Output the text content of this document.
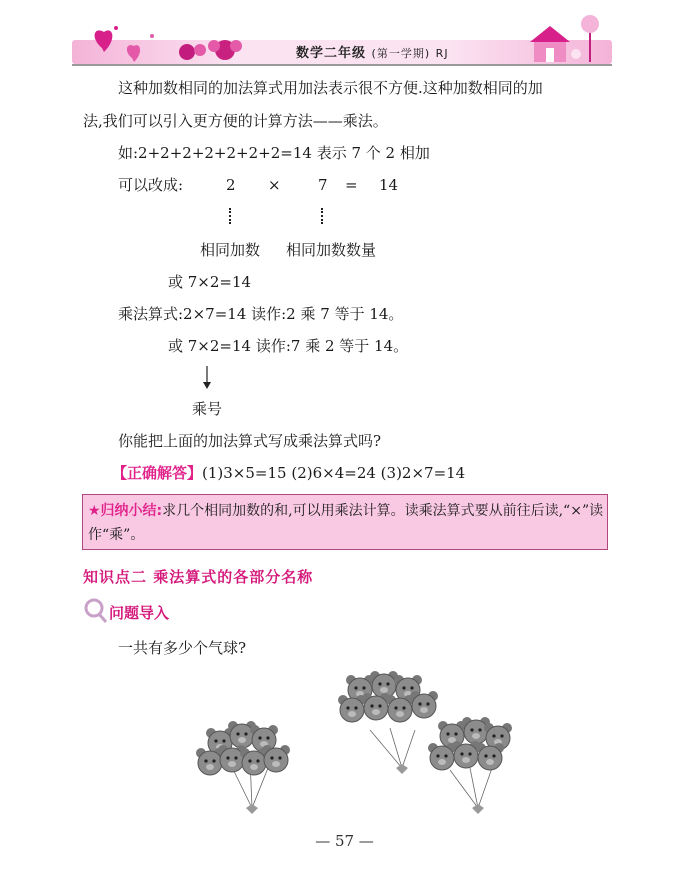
数学二年级 (第一学期) RJ
这种加数相同的加法算式用加法表示很不方便.这种加数相同的加
法,我们可以引入更方便的计算方法——乘法。
如:2+2+2+2+2+2+2=14 表示 7 个 2 相加
可以改成:	2 × 7 = 14
相同加数 相同加数数量
或 7×2=14
乘法算式:2×7=14 读作:2 乘 7 等于 14。
或 7×2=14 读作:7 乘 2 等于 14。
乘号
你能把上面的加法算式写成乘法算式吗?
【正确解答】(1)3×5=15 (2)6×4=24 (3)2×7=14
★归纳小结:求几个相同加数的和,可以用乘法计算。读乘法算式要从前往后读,“×”读作“乘”。
知识点二 乘法算式的各部分名称
问题导入
一共有多少个气球?
— 57 —
